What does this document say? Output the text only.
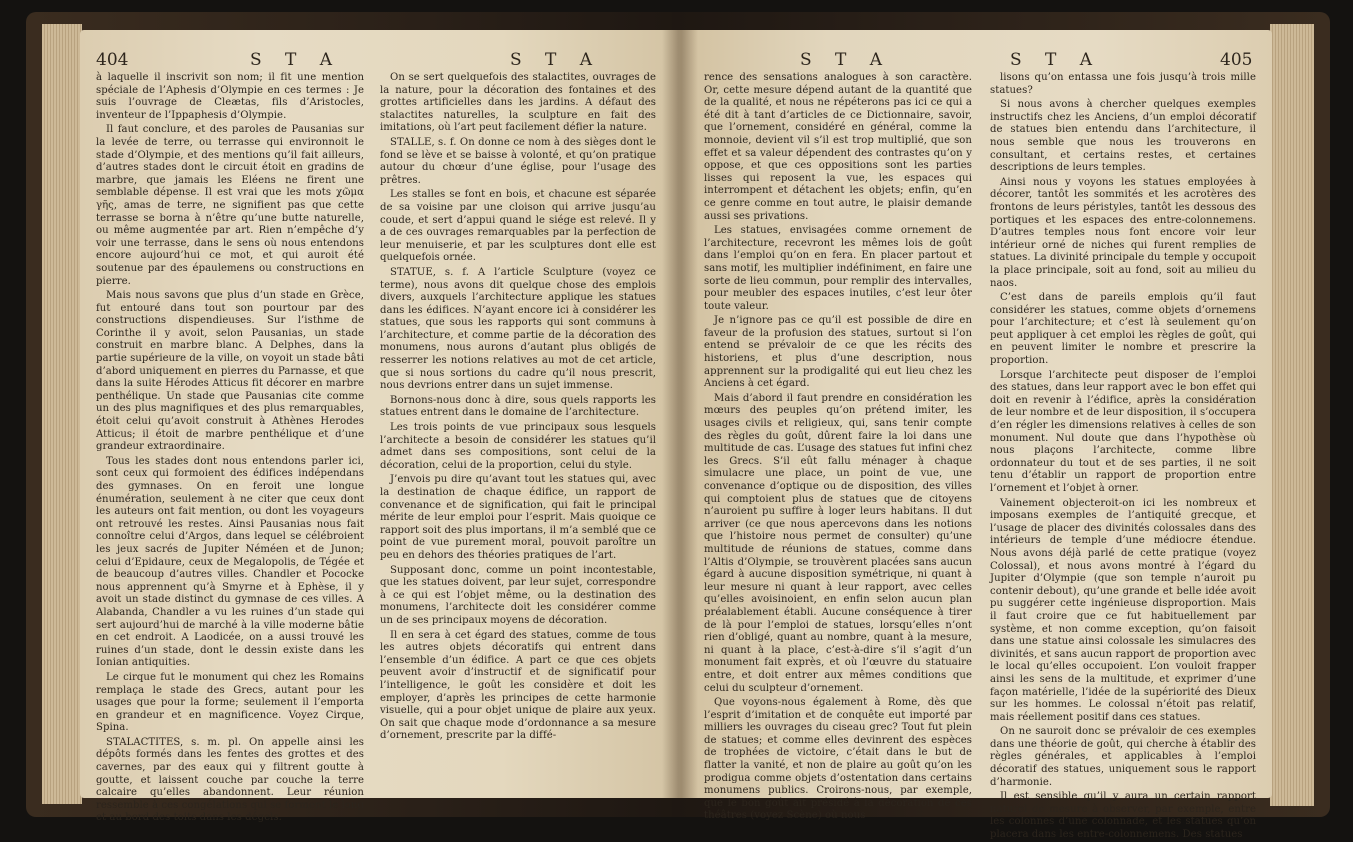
404	S T A	S T A

à laquelle il inscrivit son nom; il fit une mention spéciale de l’Aphesis d’Olympie en ces termes : Je suis l’ouvrage de Cleætas, fils d’Aristocles, inventeur de l’Ippaphesis d’Olympie.

Il faut conclure, et des paroles de Pausanias sur la levée de terre, ou terrasse qui environnoit le stade d’Olympie, et des mentions qu’il fait ailleurs, d’autres stades dont le circuit étoit en gradins de marbre, que jamais les Eléens ne firent une semblable dépense. Il est vrai que les mots χῶμα γῆς, amas de terre, ne signifient pas que cette terrasse se borna à n’être qu’une butte naturelle, ou même augmentée par art. Rien n’empêche d’y voir une terrasse, dans le sens où nous entendons encore aujourd’hui ce mot, et qui auroit été soutenue par des épaulemens ou constructions en pierre.

Mais nous savons que plus d’un stade en Grèce, fut entouré dans tout son pourtour par des constructions dispendieuses. Sur l’isthme de Corinthe il y avoit, selon Pausanias, un stade construit en marbre blanc. A Delphes, dans la partie supérieure de la ville, on voyoit un stade bâti d’abord uniquement en pierres du Parnasse, et que dans la suite Hérodes Atticus fit décorer en marbre penthélique. Un stade que Pausanias cite comme un des plus magnifiques et des plus remarquables, étoit celui qu’avoit construit à Athènes Herodes Atticus; il étoit de marbre penthélique et d’une grandeur extraordinaire.

Tous les stades dont nous entendons parler ici, sont ceux qui formoient des édifices indépendans des gymnases. On en feroit une longue énumération, seulement à ne citer que ceux dont les auteurs ont fait mention, ou dont les voyageurs ont retrouvé les restes. Ainsi Pausanias nous fait connoître celui d’Argos, dans lequel se célébroient les jeux sacrés de Jupiter Néméen et de Junon; celui d’Epidaure, ceux de Megalopolis, de Tégée et de beaucoup d’autres villes. Chandler et Pococke nous apprennent qu’à Smyrne et à Ephèse, il y avoit un stade distinct du gymnase de ces villes. A Alabanda, Chandler a vu les ruines d’un stade qui sert aujourd’hui de marché à la ville moderne bâtie en cet endroit. A Laodicée, on a aussi trouvé les ruines d’un stade, dont le dessin existe dans les Ionian antiquities.

Le cirque fut le monument qui chez les Romains remplaça le stade des Grecs, autant pour les usages que pour la forme; seulement il l’emporta en grandeur et en magnificence. Voyez Cirque, Spina.

STALACTITES, s. m. pl. On appelle ainsi les dépôts formés dans les fentes des grottes et des cavernes, par des eaux qui y filtrent goutte à goutte, et laissent couche par couche la terre calcaire qu’elles abandonnent. Leur réunion ressemble à ces congélations qui se forment le long et au bord des toits dans les dégels.

On se sert quelquefois des stalactites, ouvrages de la nature, pour la décoration des fontaines et des grottes artificielles dans les jardins. A défaut des stalactites naturelles, la sculpture en fait des imitations, où l’art peut facilement défier la nature.

STALLE, s. f. On donne ce nom à des sièges dont le fond se lève et se baisse à volonté, et qu’on pratique autour du chœur d’une église, pour l’usage des prêtres.

Les stalles se font en bois, et chacune est séparée de sa voisine par une cloison qui arrive jusqu’au coude, et sert d’appui quand le siége est relevé. Il y a de ces ouvrages remarquables par la perfection de leur menuiserie, et par les sculptures dont elle est quelquefois ornée.

STATUE, s. f. A l’article Sculpture (voyez ce terme), nous avons dit quelque chose des emplois divers, auxquels l’architecture applique les statues dans les édifices. N’ayant encore ici à considérer les statues, que sous les rapports qui sont communs à l’architecture, et comme partie de la décoration des monumens, nous aurons d’autant plus obligés de resserrer les notions relatives au mot de cet article, que si nous sortions du cadre qu’il nous prescrit, nous devrions entrer dans un sujet immense.

Bornons-nous donc à dire, sous quels rapports les statues entrent dans le domaine de l’architecture.

Les trois points de vue principaux sous lesquels l’architecte a besoin de considérer les statues qu’il admet dans ses compositions, sont celui de la décoration, celui de la proportion, celui du style.

J’envois pu dire qu’avant tout les statues qui, avec la destination de chaque édifice, un rapport de convenance et de signification, qui fait le principal mérite de leur emploi pour l’esprit. Mais quoique ce rapport soit des plus importans, il m’a semblé que ce point de vue purement moral, pouvoit paroître un peu en dehors des théories pratiques de l’art.

Supposant donc, comme un point incontestable, que les statues doivent, par leur sujet, correspondre à ce qui est l’objet même, ou la destination des monumens, l’architecte doit les considérer comme un de ses principaux moyens de décoration.

Il en sera à cet égard des statues, comme de tous les autres objets décoratifs qui entrent dans l’ensemble d’un édifice. A part ce que ces objets peuvent avoir d’instructif et de significatif pour l’intelligence, le goût les considère et doit les employer, d’après les principes de cette harmonie visuelle, qui a pour objet unique de plaire aux yeux. On sait que chaque mode d’ordonnance a sa mesure d’ornement, prescrite par la diffé-

S T A	S T A	405

rence des sensations analogues à son caractère. Or, cette mesure dépend autant de la quantité que de la qualité, et nous ne répéterons pas ici ce qui a été dit à tant d’articles de ce Dictionnaire, savoir, que l’ornement, considéré en général, comme la monnoie, devient vil s’il est trop multiplié, que son effet et sa valeur dépendent des contrastes qu’on y oppose, et que ces oppositions sont les parties lisses qui reposent la vue, les espaces qui interrompent et détachent les objets; enfin, qu’en ce genre comme en tout autre, le plaisir demande aussi ses privations.

Les statues, envisagées comme ornement de l’architecture, recevront les mêmes lois de goût dans l’emploi qu’on en fera. En placer partout et sans motif, les multiplier indéfiniment, en faire une sorte de lieu commun, pour remplir des intervalles, pour meubler des espaces inutiles, c’est leur ôter toute valeur.

Je n’ignore pas ce qu’il est possible de dire en faveur de la profusion des statues, surtout si l’on entend se prévaloir de ce que les récits des historiens, et plus d’une description, nous apprennent sur la prodigalité qui eut lieu chez les Anciens à cet égard.

Mais d’abord il faut prendre en considération les mœurs des peuples qu’on prétend imiter, les usages civils et religieux, qui, sans tenir compte des règles du goût, dûrent faire la loi dans une multitude de cas. L’usage des statues fut infini chez les Grecs. S’il eût fallu ménager à chaque simulacre une place, un point de vue, une convenance d’optique ou de disposition, des villes qui comptoient plus de statues que de citoyens n’auroient pu suffire à loger leurs habitans. Il dut arriver (ce que nous apercevons dans les notions que l’histoire nous permet de consulter) qu’une multitude de réunions de statues, comme dans l’Altis d’Olympie, se trouvèrent placées sans aucun égard à aucune disposition symétrique, ni quant à leur mesure ni quant à leur rapport, avec celles qu’elles avoisinoient, en enfin selon aucun plan préalablement établi. Aucune conséquence à tirer de là pour l’emploi de statues, lorsqu’elles n’ont rien d’obligé, quant au nombre, quant à la mesure, ni quant à la place, c’est-à-dire s’il s’agit d’un monument fait exprès, et où l’œuvre du statuaire entre, et doit entrer aux mêmes conditions que celui du sculpteur d’ornement.

Que voyons-nous également à Rome, dès que l’esprit d’imitation et de conquête eut importé par milliers les ouvrages du ciseau grec? Tout fut plein de statues; et comme elles devinrent des espèces de trophées de victoire, c’était dans le but de flatter la vanité, et non de plaire au goût qu’on les prodigua comme objets d’ostentation dans certains monumens publics. Croirons-nous, par exemple, que le bon goût ait présidé à la décoration de ces théâtres (voyez Scène) où nous

lisons qu’on entassa une fois jusqu’à trois mille statues?

Si nous avons à chercher quelques exemples instructifs chez les Anciens, d’un emploi décoratif de statues bien entendu dans l’architecture, il nous semble que nous les trouverons en consultant, et certains restes, et certaines descriptions de leurs temples.

Ainsi nous y voyons les statues employées à décorer, tantôt les sommités et les acrotères des frontons de leurs péristyles, tantôt les dessous des portiques et les espaces des entre-colonnemens. D’autres temples nous font encore voir leur intérieur orné de niches qui furent remplies de statues. La divinité principale du temple y occupoit la place principale, soit au fond, soit au milieu du naos.

C’est dans de pareils emplois qu’il faut considérer les statues, comme objets d’ornemens pour l’architecture; et c’est là seulement qu’on peut appliquer à cet emploi les règles de goût, qui en peuvent limiter le nombre et prescrire la proportion.

Lorsque l’architecte peut disposer de l’emploi des statues, dans leur rapport avec le bon effet qui doit en revenir à l’édifice, après la considération de leur nombre et de leur disposition, il s’occupera d’en régler les dimensions relatives à celles de son monument. Nul doute que dans l’hypothèse où nous plaçons l’architecte, comme libre ordonnateur du tout et de ses parties, il ne soit tenu d’établir un rapport de proportion entre l’ornement et l’objet à orner.

Vainement objecteroit-on ici les nombreux et imposans exemples de l’antiquité grecque, et l’usage de placer des divinités colossales dans des intérieurs de temple d’une médiocre étendue. Nous avons déjà parlé de cette pratique (voyez Colossal), et nous avons montré à l’égard du Jupiter d’Olympie (que son temple n’auroit pu contenir debout), qu’une grande et belle idée avoit pu suggérer cette ingénieuse disproportion. Mais il faut croire que ce fut habituellement par système, et non comme exception, qu’on faisoit dans une statue ainsi colossale les simulacres des divinités, et sans aucun rapport de proportion avec le local qu’elles occupoient. L’on vouloit frapper ainsi les sens de la multitude, et exprimer d’une façon matérielle, l’idée de la supériorité des Dieux sur les hommes. Le colossal n’étoit pas relatif, mais réellement positif dans ces statues.

On ne sauroit donc se prévaloir de ces exemples dans une théorie de goût, qui cherche à établir des règles générales, et applicables à l’emploi décoratif des statues, uniquement sous le rapport d’harmonie.

Il est sensible qu’il y aura un certain rapport naturel de mesure à observer, par exemple, entre les colonnes d’une colonnade, et les statues qu’on placera dans les entre-colonnemens. Des statues
